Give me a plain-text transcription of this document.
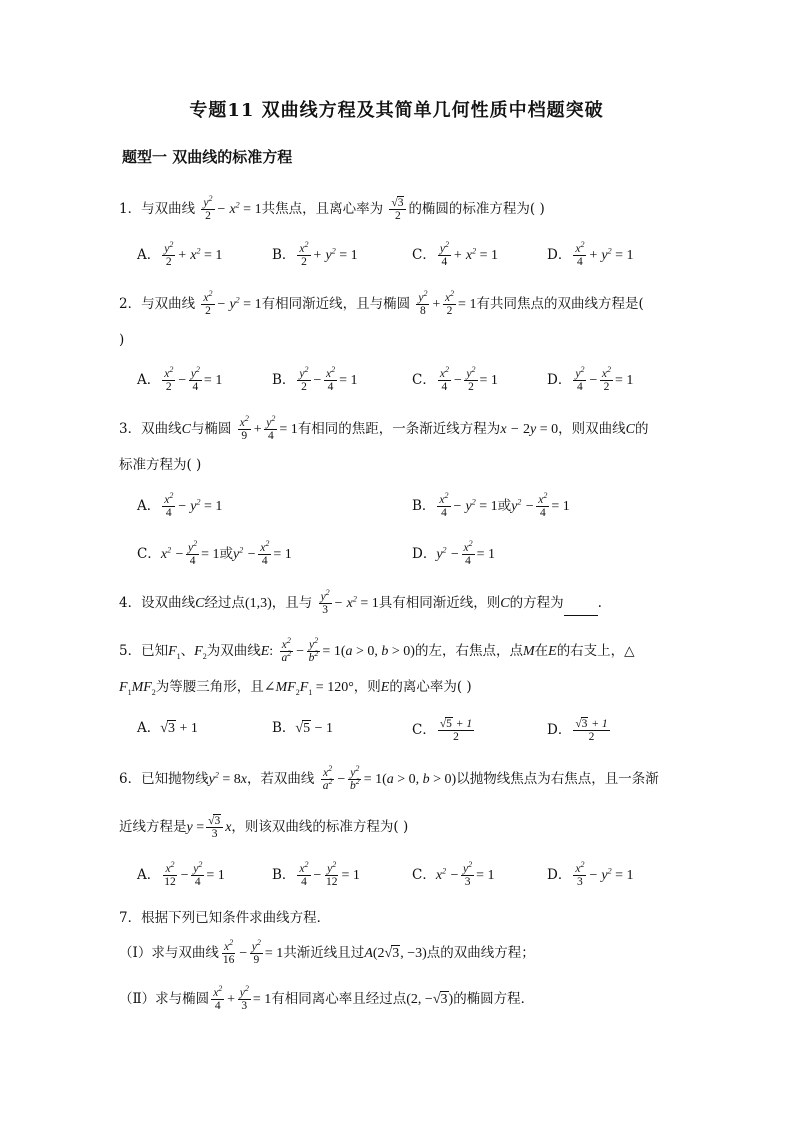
专题11 双曲线方程及其简单几何性质中档题突破
题型一 双曲线的标准方程
1．与双曲线 $\frac{y^2}{2} - x^2 = 1$共焦点，且离心率为 $\frac{√3}{2}$ 的椭圆的标准方程为( )
A． $\frac{y^2}{2} + x^2 = 1$	B． $\frac{x^2}{2} + y^2 = 1$	C． $\frac{y^2}{4} + x^2 = 1$	D． $\frac{x^2}{4} + y^2 = 1$
2．与双曲线 $\frac{x^2}{2} - y^2 = 1$有相同渐近线，且与椭圆 $\frac{y^2}{8} + \frac{x^2}{2} = 1$有共同焦点的双曲线方程是(
)
A． $\frac{x^2}{2} - \frac{y^2}{4} = 1$	B． $\frac{y^2}{2} - \frac{x^2}{4} = 1$	C． $\frac{x^2}{4} - \frac{y^2}{2} = 1$	D． $\frac{y^2}{4} - \frac{x^2}{2} = 1$
3．双曲线C与椭圆 $\frac{x^2}{9} + \frac{y^2}{4} = 1$有相同的焦距，一条渐近线方程为x − 2y = 0，则双曲线C的
标准方程为( )
A． $\frac{x^2}{4} - y^2 = 1$	B． $\frac{x^2}{4} - y^2 = 1$或$y^2 - \frac{x^2}{4} = 1$
C．$x^2 - \frac{y^2}{4} = 1$或$y^2 - \frac{x^2}{4} = 1$	D．$y^2 - \frac{x^2}{4} = 1$
4．设双曲线C经过点(1,3)，且与 $\frac{y^2}{3} - x^2 = 1$具有相同渐近线，则C的方程为	.
5．已知$F_1$、$F_2$为双曲线E: $\frac{x^2}{a^2} - \frac{y^2}{b^2} = 1(a > 0$, b > 0)的左，右焦点，点M在E的右支上，△
$F_1MF_2$为等腰三角形，且$\angle MF_2F_1 = 120^\circ$，则E的离心率为( )
A．√3 + 1	B．√5 − 1	C． $\frac{√5 + 1}{2}$	D． $\frac{√3 + 1}{2}$
6．已知抛物线$y^2 = 8x$，若双曲线 $\frac{x^2}{a^2} - \frac{y^2}{b^2} = 1(a > 0$, b > 0)以抛物线焦点为右焦点，且一条渐
近线方程是$y = \frac{√3}{3}$ x，则该双曲线的标准方程为( )
A． $\frac{x^2}{12} - \frac{y^2}{4} = 1$	B． $\frac{x^2}{4} - \frac{y^2}{12} = 1$	C．$x^2 - \frac{y^2}{3} = 1$	D． $\frac{x^2}{3} - y^2 = 1$
7．根据下列已知条件求曲线方程．
（Ⅰ）求与双曲线 $\frac{x^2}{16} - \frac{y^2}{9} = 1$共渐近线且过A(2√3, −3)点的双曲线方程；
（Ⅱ）求与椭圆 $\frac{x^2}{4} + \frac{y^2}{3} = 1$有相同离心率且经过点(2, −√3)的椭圆方程．
